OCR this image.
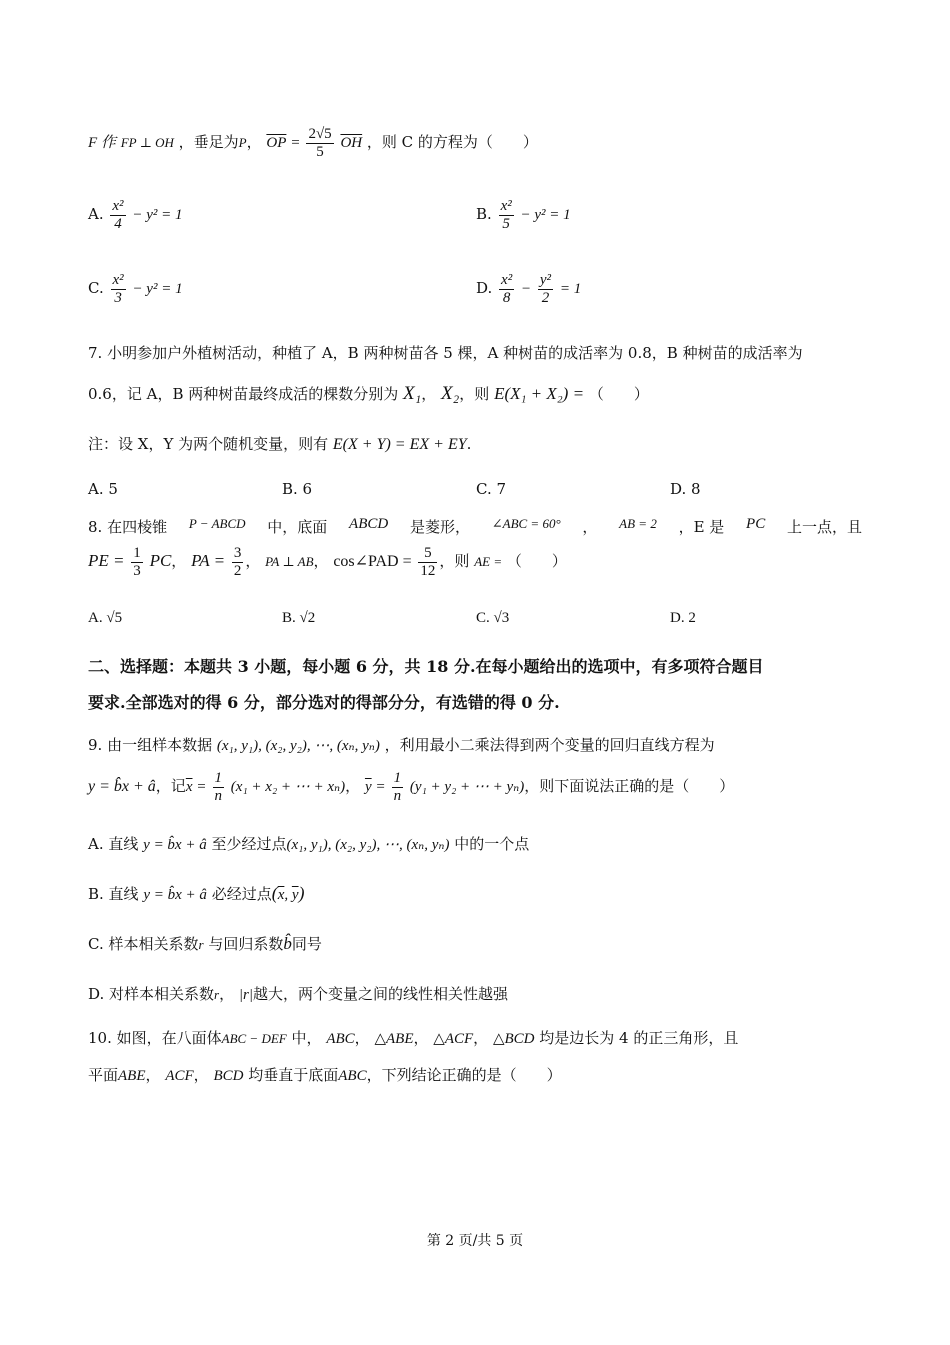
F 作 FP ⊥ OH ，垂足为P， $\overline{OP} = \frac{2√5}{5} \overline{OH}$ ，则 C 的方程为（　　）
A. $\frac{\text{x²}}{4} - y^2 = 1$	B. $\frac{\text{x²}}{5} - y^2 = 1$
C. $\frac{\text{x²}}{3} - y^2 = 1$	D. $\frac{\text{x²}}{8} - \frac{\text{y²}}{2} = 1$
7. 小明参加户外植树活动，种植了 A，B 两种树苗各 5 棵，A 种树苗的成活率为 0.8，B 种树苗的成活率为
0.6，记 A，B 两种树苗最终成活的棵数分别为 X₁， X₂，则 E(X₁ + X₂) = （　　）
注：设 X，Y 为两个随机变量，则有 E(X + Y) = EX + EY.
A. 5	B. 6	C. 7	D. 8
8. 在四棱锥 P − ABCD 中，底面 ABCD 是菱形， ∠ABC = 60° ， AB = 2 ，E 是 PC 上一点，且
PE = $\frac{1}{3}$ PC， PA = $\frac{3}{2}$ ， PA ⊥ AB， cos∠PAD = $\frac{5}{12}$ ，则 AE = （　　）
A. √5	B. √2	C. √3	D. 2
二、选择题：本题共 3 小题，每小题 6 分，共 18 分.在每小题给出的选项中，有多项符合题目
要求.全部选对的得 6 分，部分选对的得部分分，有选错的得 0 分.
9. 由一组样本数据 (x₁, y₁), (x₂, y₂), ⋯, (xₙ, yₙ) ，利用最小二乘法得到两个变量的回归直线方程为
y = b̂x + â，记$\overline{x} = \frac{1}{n} (x_1 + x_2$ + ⋯ + xₙ)， $\overline{y} = \frac{1}{n} (y_1 + y_2$ + ⋯ + yₙ)，则下面说法正确的是（　　）
A. 直线 y = b̂x + â 至少经过点(x₁, y₁), (x₂, y₂), ⋯, (xₙ, yₙ) 中的一个点
B. 直线 y = b̂x + â 必经过点($\overline{x}$, $\overline{y}$)
C. 样本相关系数r 与回归系数b̂同号
D. 对样本相关系数r， |r|越大，两个变量之间的线性相关性越强
10. 如图，在八面体ABC − DEF 中， ABC， △ABE， △ACF， △BCD 均是边长为 4 的正三角形，且
平面ABE， ACF， BCD 均垂直于底面ABC，下列结论正确的是（　　）
第 2 页/共 5 页
